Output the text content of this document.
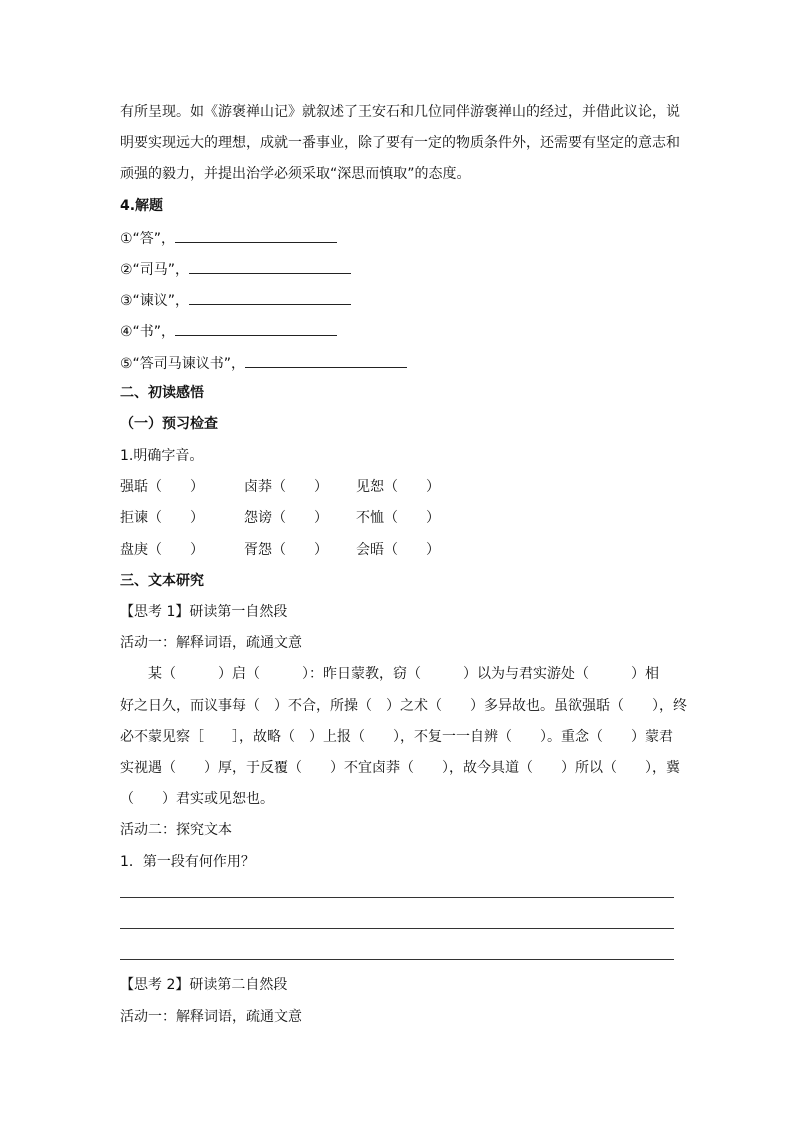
有所呈现。如《游褒禅山记》就叙述了王安石和几位同伴游褒禅山的经过，并借此议论，说
明要实现远大的理想，成就一番事业，除了要有一定的物质条件外，还需要有坚定的意志和
顽强的毅力，并提出治学必须采取“深思而慎取”的态度。
4.解题
①“答”，
②“司马”，
③“谏议”，
④“书”，
⑤“答司马谏议书”，
二、初读感悟
（一）预习检查
1.明确字音。
强聒（　　）	卤莽（　　） 见恕（　　）
拒谏（　　）	怨谤（　　） 不恤（　　）
盘庚（　　）	胥怨（　　） 会晤（　　）
三、文本研究
【思考 1】研读第一自然段
活动一：解释词语，疏通文意
某（　　　）启（　　　）：昨日蒙教，窃（　　　）以为与君实游处（　　　）相
好之日久，而议事每（　）不合，所操（　）之术（　　）多异故也。虽欲强聒（　　），终
必不蒙见察［　　］，故略（　）上报（　　），不复一一自辨（　　）。重念（　　）蒙君
实视遇（　　）厚，于反覆（　　）不宜卤莽（　　），故今具道（　　）所以（　　），冀
（　　）君实或见恕也。
活动二：探究文本
1．第一段有何作用？
【思考 2】研读第二自然段
活动一：解释词语，疏通文意
